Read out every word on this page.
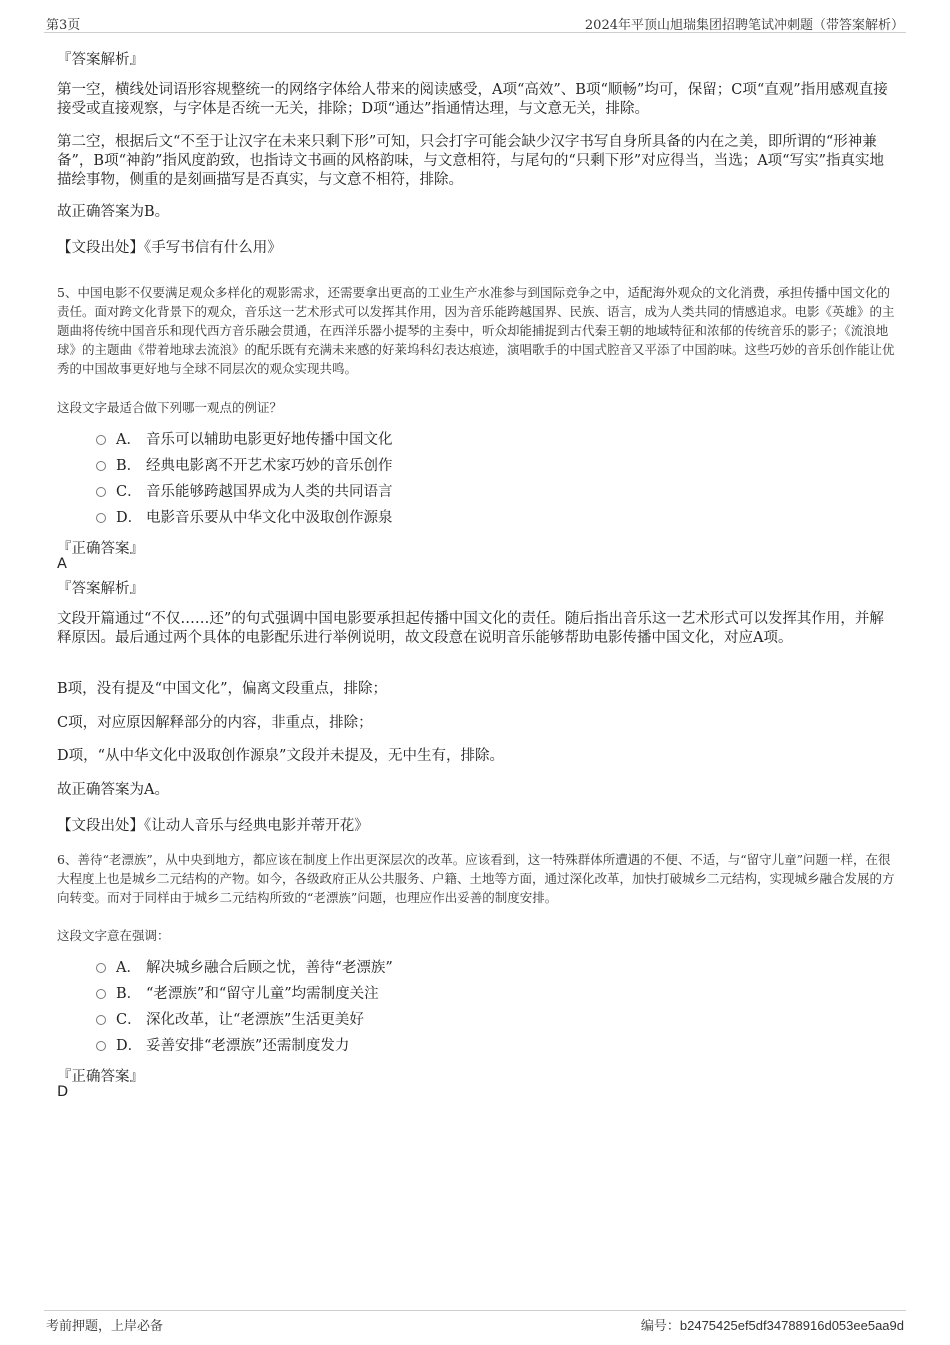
第3页	2024年平顶山旭瑞集团招聘笔试冲刺题（带答案解析）
『答案解析』
第一空，横线处词语形容规整统一的网络字体给人带来的阅读感受，A项“高效”、B项“顺畅”均可，保留；C项“直观”指用感观直接接受或直接观察，与字体是否统一无关，排除；D项“通达”指通情达理，与文意无关，排除。
第二空，根据后文“不至于让汉字在未来只剩下形”可知，只会打字可能会缺少汉字书写自身所具备的内在之美，即所谓的“形神兼备”，B项“神韵”指风度韵致，也指诗文书画的风格韵味，与文意相符，与尾句的“只剩下形”对应得当，当选；A项“写实”指真实地描绘事物，侧重的是刻画描写是否真实，与文意不相符，排除。
故正确答案为B。
【文段出处】《手写书信有什么用》
5、中国电影不仅要满足观众多样化的观影需求，还需要拿出更高的工业生产水准参与到国际竞争之中，适配海外观众的文化消费，承担传播中国文化的责任。面对跨文化背景下的观众，音乐这一艺术形式可以发挥其作用，因为音乐能跨越国界、民族、语言，成为人类共同的情感追求。电影《英雄》的主题曲将传统中国音乐和现代西方音乐融会贯通，在西洋乐器小提琴的主奏中，听众却能捕捉到古代秦王朝的地域特征和浓郁的传统音乐的影子；《流浪地球》的主题曲《带着地球去流浪》的配乐既有充满未来感的好莱坞科幻表达痕迹，演唱歌手的中国式腔音又平添了中国韵味。这些巧妙的音乐创作能让优秀的中国故事更好地与全球不同层次的观众实现共鸣。
这段文字最适合做下列哪一观点的例证？
A． 音乐可以辅助电影更好地传播中国文化
B． 经典电影离不开艺术家巧妙的音乐创作
C． 音乐能够跨越国界成为人类的共同语言
D． 电影音乐要从中华文化中汲取创作源泉
『正确答案』
A
『答案解析』
文段开篇通过“不仅……还”的句式强调中国电影要承担起传播中国文化的责任。随后指出音乐这一艺术形式可以发挥其作用，并解释原因。最后通过两个具体的电影配乐进行举例说明，故文段意在说明音乐能够帮助电影传播中国文化，对应A项。
B项，没有提及“中国文化”，偏离文段重点，排除；
C项，对应原因解释部分的内容，非重点，排除；
D项，“从中华文化中汲取创作源泉”文段并未提及，无中生有，排除。
故正确答案为A。
【文段出处】《让动人音乐与经典电影并蒂开花》
6、善待“老漂族”，从中央到地方，都应该在制度上作出更深层次的改革。应该看到，这一特殊群体所遭遇的不便、不适，与“留守儿童”问题一样，在很大程度上也是城乡二元结构的产物。如今，各级政府正从公共服务、户籍、土地等方面，通过深化改革，加快打破城乡二元结构，实现城乡融合发展的方向转变。而对于同样由于城乡二元结构所致的“老漂族”问题，也理应作出妥善的制度安排。
这段文字意在强调：
A． 解决城乡融合后顾之忧，善待“老漂族”
B． “老漂族”和“留守儿童”均需制度关注
C． 深化改革，让“老漂族”生活更美好
D． 妥善安排“老漂族”还需制度发力
『正确答案』
D
考前押题，上岸必备	编号：b2475425ef5df34788916d053ee5aa9d
